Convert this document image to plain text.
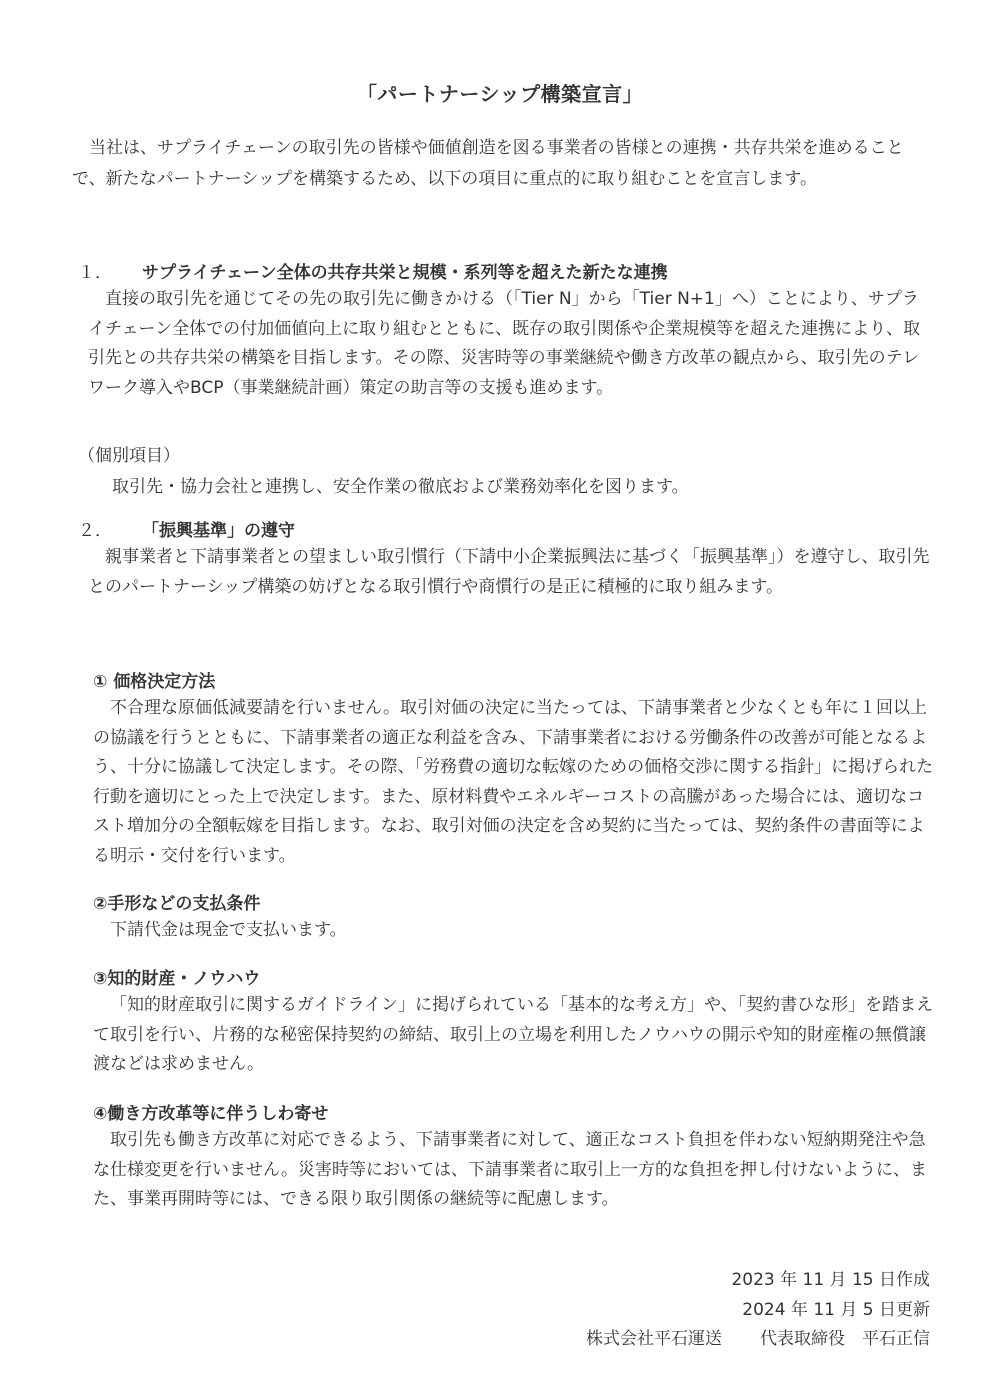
「パートナーシップ構築宣言」

当社は、サプライチェーンの取引先の皆様や価値創造を図る事業者の皆様との連携・共存共栄を進めることで、新たなパートナーシップを構築するため、以下の項目に重点的に取り組むことを宣言します。

１． サプライチェーン全体の共存共栄と規模・系列等を超えた新たな連携

直接の取引先を通じてその先の取引先に働きかける（「Tier N」から「Tier N+1」へ）ことにより、サプライチェーン全体での付加価値向上に取り組むとともに、既存の取引関係や企業規模等を超えた連携により、取引先との共存共栄の構築を目指します。その際、災害時等の事業継続や働き方改革の観点から、取引先のテレワーク導入やBCP（事業継続計画）策定の助言等の支援も進めます。

（個別項目）
取引先・協力会社と連携し、安全作業の徹底および業務効率化を図ります。
２． 「振興基準」の遵守

親事業者と下請事業者との望ましい取引慣行（下請中小企業振興法に基づく「振興基準」）を遵守し、取引先とのパートナーシップ構築の妨げとなる取引慣行や商慣行の是正に積極的に取り組みます。

① 価格決定方法

不合理な原価低減要請を行いません。取引対価の決定に当たっては、下請事業者と少なくとも年に１回以上の協議を行うとともに、下請事業者の適正な利益を含み、下請事業者における労働条件の改善が可能となるよう、十分に協議して決定します。その際、「労務費の適切な転嫁のための価格交渉に関する指針」に掲げられた行動を適切にとった上で決定します。また、原材料費やエネルギーコストの高騰があった場合には、適切なコスト増加分の全額転嫁を目指します。なお、取引対価の決定を含め契約に当たっては、契約条件の書面等による明示・交付を行います。

②手形などの支払条件

下請代金は現金で支払います。

③知的財産・ノウハウ

「知的財産取引に関するガイドライン」に掲げられている「基本的な考え方」や、「契約書ひな形」を踏まえて取引を行い、片務的な秘密保持契約の締結、取引上の立場を利用したノウハウの開示や知的財産権の無償譲渡などは求めません。

④働き方改革等に伴うしわ寄せ

取引先も働き方改革に対応できるよう、下請事業者に対して、適正なコスト負担を伴わない短納期発注や急な仕様変更を行いません。災害時等においては、下請事業者に取引上一方的な負担を押し付けないように、また、事業再開時等には、できる限り取引関係の継続等に配慮します。

2023 年 11 月 15 日作成
2024 年 11 月 5 日更新
株式会社平石運送 代表取締役　平石正信
